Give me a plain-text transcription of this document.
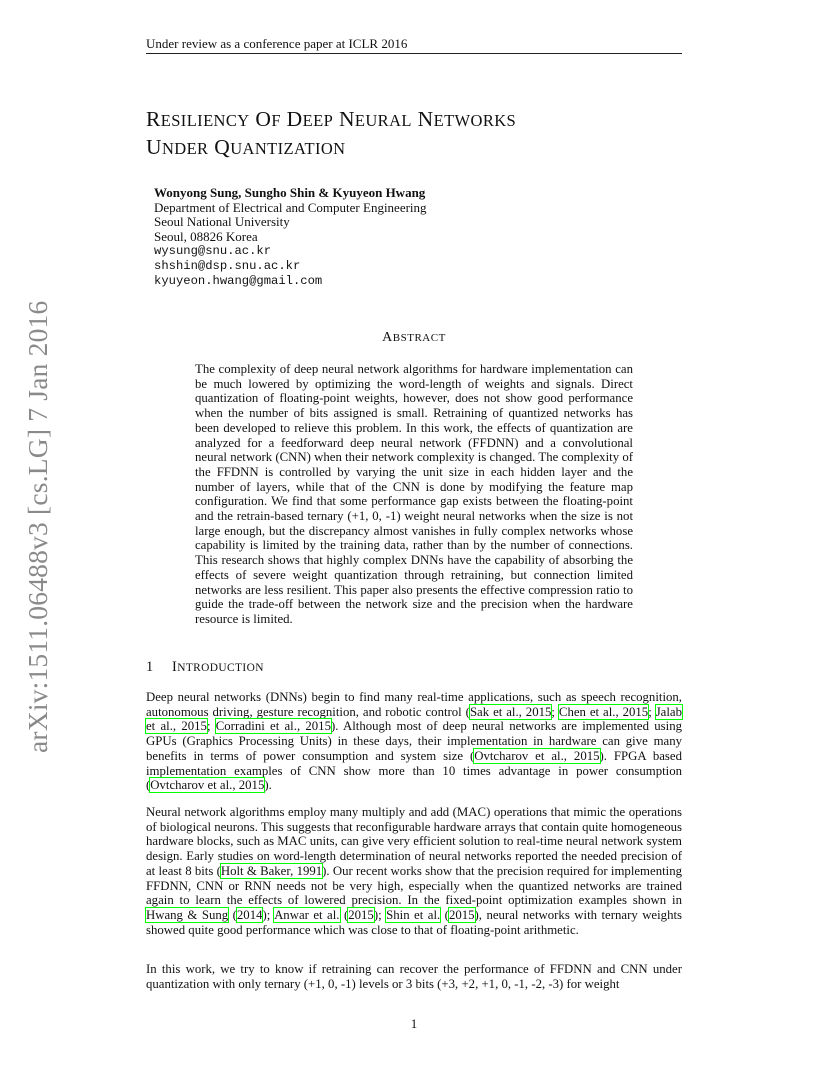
Under review as a conference paper at ICLR 2016
arXiv:1511.06488v3 [cs.LG] 7 Jan 2016
RESILIENCY OF DEEP NEURAL NETWORKS
UNDER QUANTIZATION
Wonyong Sung, Sungho Shin & Kyuyeon Hwang
Department of Electrical and Computer Engineering
Seoul National University
Seoul, 08826 Korea
wysung@snu.ac.kr
shshin@dsp.snu.ac.kr
kyuyeon.hwang@gmail.com
ABSTRACT
The complexity of deep neural network algorithms for hardware implementation can be much lowered by optimizing the word-length of weights and signals. Direct quantization of floating-point weights, however, does not show good performance when the number of bits assigned is small. Retraining of quantized networks has been developed to relieve this problem. In this work, the effects of quantization are analyzed for a feedforward deep neural network (FFDNN) and a convolutional neural network (CNN) when their network complexity is changed. The complexity of the FFDNN is controlled by varying the unit size in each hidden layer and the number of layers, while that of the CNN is done by modifying the feature map configuration. We find that some performance gap exists between the floating-point and the retrain-based ternary (+1, 0, -1) weight neural networks when the size is not large enough, but the discrepancy almost vanishes in fully complex networks whose capability is limited by the training data, rather than by the number of connections. This research shows that highly complex DNNs have the capability of absorbing the effects of severe weight quantization through retraining, but connection limited networks are less resilient. This paper also presents the effective compression ratio to guide the trade-off between the network size and the precision when the hardware resource is limited.
1 INTRODUCTION
Deep neural networks (DNNs) begin to find many real-time applications, such as speech recognition, autonomous driving, gesture recognition, and robotic control (Sak et al., 2015; Chen et al., 2015; Jalab et al., 2015; Corradini et al., 2015). Although most of deep neural networks are implemented using GPUs (Graphics Processing Units) in these days, their implementation in hardware can give many benefits in terms of power consumption and system size (Ovtcharov et al., 2015). FPGA based implementation examples of CNN show more than 10 times advantage in power consumption (Ovtcharov et al., 2015).
Neural network algorithms employ many multiply and add (MAC) operations that mimic the operations of biological neurons. This suggests that reconfigurable hardware arrays that contain quite homogeneous hardware blocks, such as MAC units, can give very efficient solution to real-time neural network system design. Early studies on word-length determination of neural networks reported the needed precision of at least 8 bits (Holt & Baker, 1991). Our recent works show that the precision required for implementing FFDNN, CNN or RNN needs not be very high, especially when the quantized networks are trained again to learn the effects of lowered precision. In the fixed-point optimization examples shown in Hwang & Sung (2014); Anwar et al. (2015); Shin et al. (2015), neural networks with ternary weights showed quite good performance which was close to that of floating-point arithmetic.
In this work, we try to know if retraining can recover the performance of FFDNN and CNN under quantization with only ternary (+1, 0, -1) levels or 3 bits (+3, +2, +1, 0, -1, -2, -3) for weight
1
